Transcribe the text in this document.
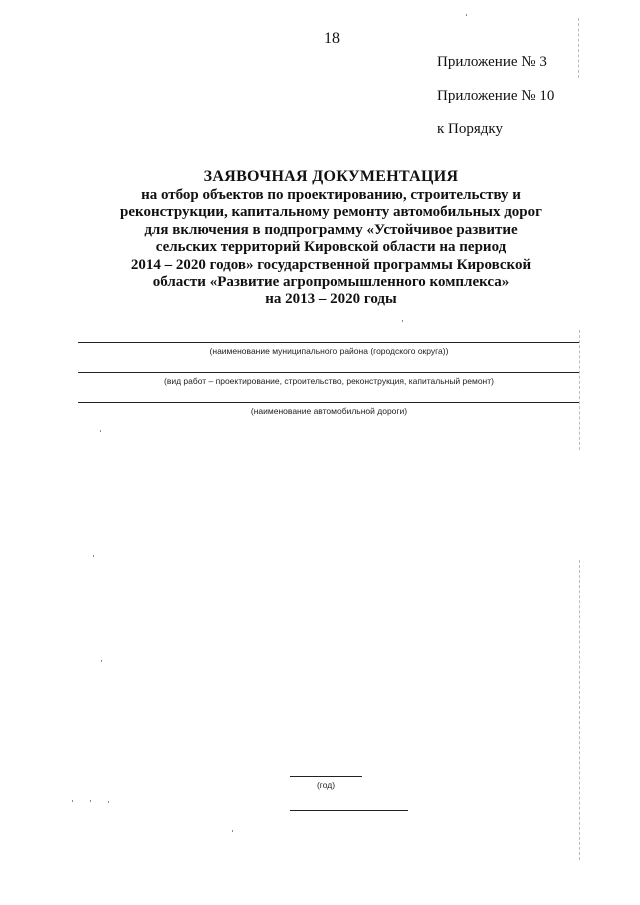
18
Приложение № 3
Приложение № 10
к Порядку
ЗАЯВОЧНАЯ ДОКУМЕНТАЦИЯ
на отбор объектов по проектированию, строительству и
реконструкции, капитальному ремонту автомобильных дорог
для включения в подпрограмму «Устойчивое развитие
сельских территорий Кировской области на период
2014 – 2020 годов» государственной программы Кировской
области «Развитие агропромышленного комплекса»
на 2013 – 2020 годы
(наименование муниципального района (городского округа))
(вид работ – проектирование, строительство, реконструкция, капитальный ремонт)
(наименование автомобильной дороги)
(год)
